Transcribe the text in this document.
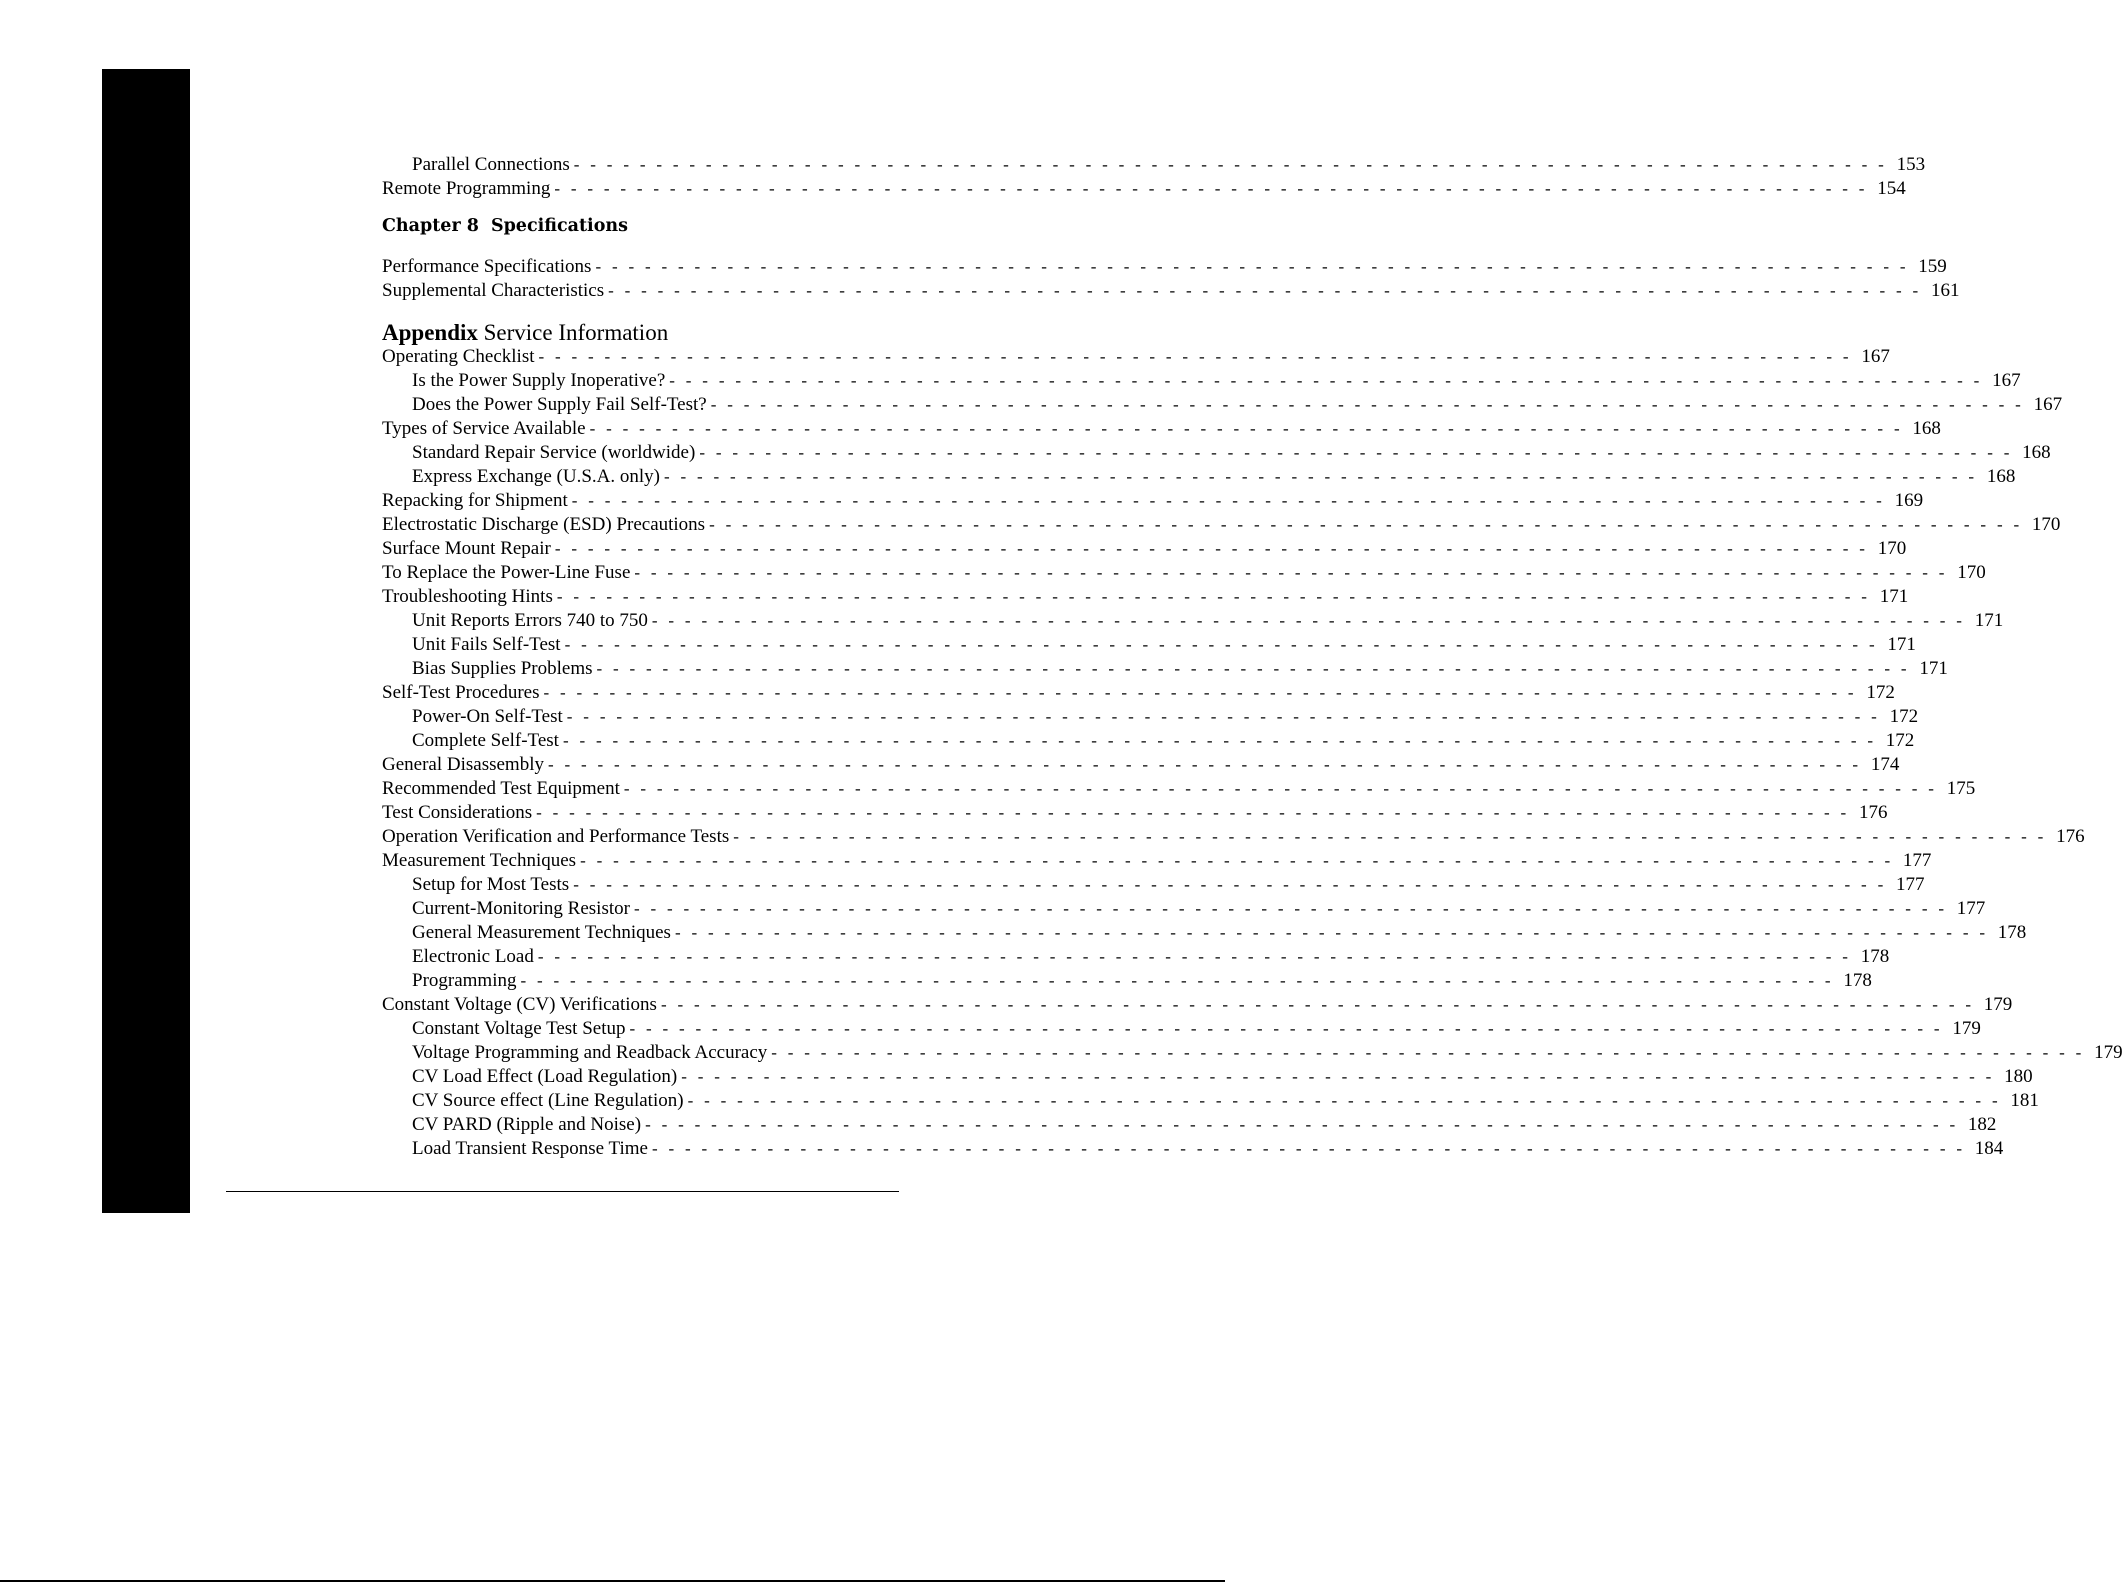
Parallel Connections - - - - - - - - - - - - - - - - - - - - - - - - - - - - - - - - - - - - - - - - - - - - - - - - - - - - - - - - - - - - - - - - - - - - - - - - - - - - - - - - 153
Remote Programming - - - - - - - - - - - - - - - - - - - - - - - - - - - - - - - - - - - - - - - - - - - - - - - - - - - - - - - - - - - - - - - - - - - - - - - - - - - - - - - - 154
Chapter 8 Specifications
Performance Specifications - - - - - - - - - - - - - - - - - - - - - - - - - - - - - - - - - - - - - - - - - - - - - - - - - - - - - - - - - - - - - - - - - - - - - - - - - - - - - - - - 159
Supplemental Characteristics - - - - - - - - - - - - - - - - - - - - - - - - - - - - - - - - - - - - - - - - - - - - - - - - - - - - - - - - - - - - - - - - - - - - - - - - - - - - - - - - 161
Appendix Service Information
Operating Checklist - - - - - - - - - - - - - - - - - - - - - - - - - - - - - - - - - - - - - - - - - - - - - - - - - - - - - - - - - - - - - - - - - - - - - - - - - - - - - - - - 167
Is the Power Supply Inoperative? - - - - - - - - - - - - - - - - - - - - - - - - - - - - - - - - - - - - - - - - - - - - - - - - - - - - - - - - - - - - - - - - - - - - - - - - - - - - - - - - 167
Does the Power Supply Fail Self-Test? - - - - - - - - - - - - - - - - - - - - - - - - - - - - - - - - - - - - - - - - - - - - - - - - - - - - - - - - - - - - - - - - - - - - - - - - - - - - - - - - 167
Types of Service Available - - - - - - - - - - - - - - - - - - - - - - - - - - - - - - - - - - - - - - - - - - - - - - - - - - - - - - - - - - - - - - - - - - - - - - - - - - - - - - - - 168
Standard Repair Service (worldwide) - - - - - - - - - - - - - - - - - - - - - - - - - - - - - - - - - - - - - - - - - - - - - - - - - - - - - - - - - - - - - - - - - - - - - - - - - - - - - - - - 168
Express Exchange (U.S.A. only) - - - - - - - - - - - - - - - - - - - - - - - - - - - - - - - - - - - - - - - - - - - - - - - - - - - - - - - - - - - - - - - - - - - - - - - - - - - - - - - - 168
Repacking for Shipment - - - - - - - - - - - - - - - - - - - - - - - - - - - - - - - - - - - - - - - - - - - - - - - - - - - - - - - - - - - - - - - - - - - - - - - - - - - - - - - - 169
Electrostatic Discharge (ESD) Precautions - - - - - - - - - - - - - - - - - - - - - - - - - - - - - - - - - - - - - - - - - - - - - - - - - - - - - - - - - - - - - - - - - - - - - - - - - - - - - - - - 170
Surface Mount Repair - - - - - - - - - - - - - - - - - - - - - - - - - - - - - - - - - - - - - - - - - - - - - - - - - - - - - - - - - - - - - - - - - - - - - - - - - - - - - - - - 170
To Replace the Power-Line Fuse - - - - - - - - - - - - - - - - - - - - - - - - - - - - - - - - - - - - - - - - - - - - - - - - - - - - - - - - - - - - - - - - - - - - - - - - - - - - - - - - 170
Troubleshooting Hints - - - - - - - - - - - - - - - - - - - - - - - - - - - - - - - - - - - - - - - - - - - - - - - - - - - - - - - - - - - - - - - - - - - - - - - - - - - - - - - - 171
Unit Reports Errors 740 to 750 - - - - - - - - - - - - - - - - - - - - - - - - - - - - - - - - - - - - - - - - - - - - - - - - - - - - - - - - - - - - - - - - - - - - - - - - - - - - - - - - 171
Unit Fails Self-Test - - - - - - - - - - - - - - - - - - - - - - - - - - - - - - - - - - - - - - - - - - - - - - - - - - - - - - - - - - - - - - - - - - - - - - - - - - - - - - - - 171
Bias Supplies Problems - - - - - - - - - - - - - - - - - - - - - - - - - - - - - - - - - - - - - - - - - - - - - - - - - - - - - - - - - - - - - - - - - - - - - - - - - - - - - - - - 171
Self-Test Procedures - - - - - - - - - - - - - - - - - - - - - - - - - - - - - - - - - - - - - - - - - - - - - - - - - - - - - - - - - - - - - - - - - - - - - - - - - - - - - - - - 172
Power-On Self-Test - - - - - - - - - - - - - - - - - - - - - - - - - - - - - - - - - - - - - - - - - - - - - - - - - - - - - - - - - - - - - - - - - - - - - - - - - - - - - - - - 172
Complete Self-Test - - - - - - - - - - - - - - - - - - - - - - - - - - - - - - - - - - - - - - - - - - - - - - - - - - - - - - - - - - - - - - - - - - - - - - - - - - - - - - - - 172
General Disassembly - - - - - - - - - - - - - - - - - - - - - - - - - - - - - - - - - - - - - - - - - - - - - - - - - - - - - - - - - - - - - - - - - - - - - - - - - - - - - - - - 174
Recommended Test Equipment - - - - - - - - - - - - - - - - - - - - - - - - - - - - - - - - - - - - - - - - - - - - - - - - - - - - - - - - - - - - - - - - - - - - - - - - - - - - - - - - 175
Test Considerations - - - - - - - - - - - - - - - - - - - - - - - - - - - - - - - - - - - - - - - - - - - - - - - - - - - - - - - - - - - - - - - - - - - - - - - - - - - - - - - - 176
Operation Verification and Performance Tests - - - - - - - - - - - - - - - - - - - - - - - - - - - - - - - - - - - - - - - - - - - - - - - - - - - - - - - - - - - - - - - - - - - - - - - - - - - - - - - - 176
Measurement Techniques - - - - - - - - - - - - - - - - - - - - - - - - - - - - - - - - - - - - - - - - - - - - - - - - - - - - - - - - - - - - - - - - - - - - - - - - - - - - - - - - 177
Setup for Most Tests - - - - - - - - - - - - - - - - - - - - - - - - - - - - - - - - - - - - - - - - - - - - - - - - - - - - - - - - - - - - - - - - - - - - - - - - - - - - - - - - 177
Current-Monitoring Resistor - - - - - - - - - - - - - - - - - - - - - - - - - - - - - - - - - - - - - - - - - - - - - - - - - - - - - - - - - - - - - - - - - - - - - - - - - - - - - - - - 177
General Measurement Techniques - - - - - - - - - - - - - - - - - - - - - - - - - - - - - - - - - - - - - - - - - - - - - - - - - - - - - - - - - - - - - - - - - - - - - - - - - - - - - - - - 178
Electronic Load - - - - - - - - - - - - - - - - - - - - - - - - - - - - - - - - - - - - - - - - - - - - - - - - - - - - - - - - - - - - - - - - - - - - - - - - - - - - - - - - 178
Programming - - - - - - - - - - - - - - - - - - - - - - - - - - - - - - - - - - - - - - - - - - - - - - - - - - - - - - - - - - - - - - - - - - - - - - - - - - - - - - - - 178
Constant Voltage (CV) Verifications - - - - - - - - - - - - - - - - - - - - - - - - - - - - - - - - - - - - - - - - - - - - - - - - - - - - - - - - - - - - - - - - - - - - - - - - - - - - - - - - 179
Constant Voltage Test Setup - - - - - - - - - - - - - - - - - - - - - - - - - - - - - - - - - - - - - - - - - - - - - - - - - - - - - - - - - - - - - - - - - - - - - - - - - - - - - - - - 179
Voltage Programming and Readback Accuracy - - - - - - - - - - - - - - - - - - - - - - - - - - - - - - - - - - - - - - - - - - - - - - - - - - - - - - - - - - - - - - - - - - - - - - - - - - - - - - - - 179
CV Load Effect (Load Regulation) - - - - - - - - - - - - - - - - - - - - - - - - - - - - - - - - - - - - - - - - - - - - - - - - - - - - - - - - - - - - - - - - - - - - - - - - - - - - - - - - 180
CV Source effect (Line Regulation) - - - - - - - - - - - - - - - - - - - - - - - - - - - - - - - - - - - - - - - - - - - - - - - - - - - - - - - - - - - - - - - - - - - - - - - - - - - - - - - - 181
CV PARD (Ripple and Noise) - - - - - - - - - - - - - - - - - - - - - - - - - - - - - - - - - - - - - - - - - - - - - - - - - - - - - - - - - - - - - - - - - - - - - - - - - - - - - - - - 182
Load Transient Response Time - - - - - - - - - - - - - - - - - - - - - - - - - - - - - - - - - - - - - - - - - - - - - - - - - - - - - - - - - - - - - - - - - - - - - - - - - - - - - - - - 184
